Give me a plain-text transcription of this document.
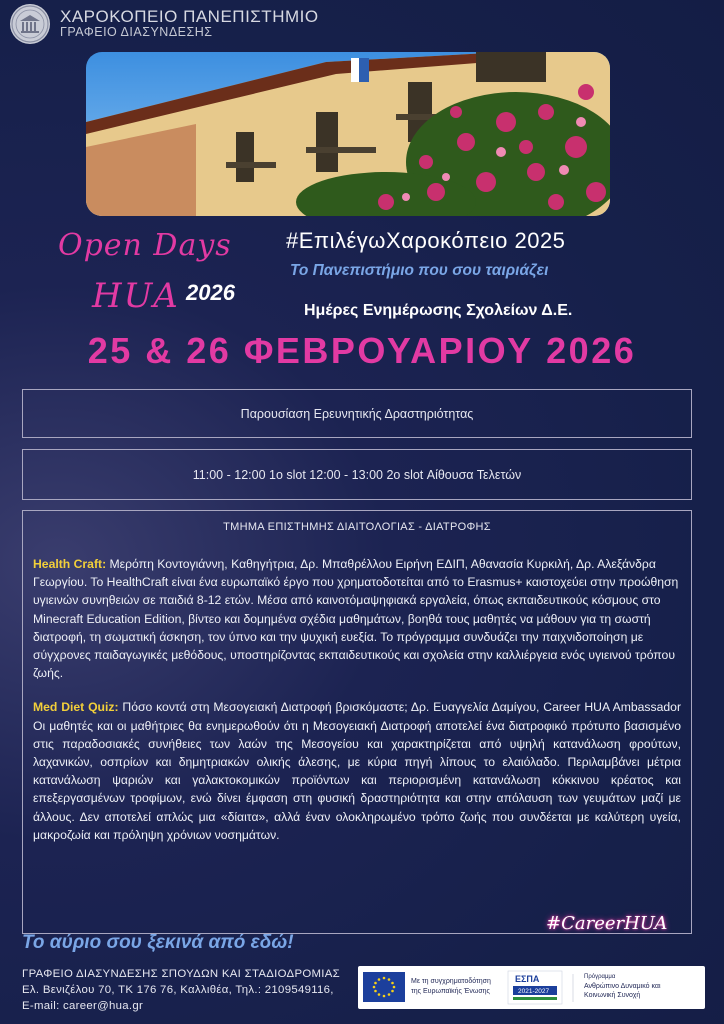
ΧΑΡΟΚΟΠΕΙΟ ΠΑΝΕΠΙΣΤΗΜΙΟ
ΓΡΑΦΕΙΟ ΔΙΑΣΥΝΔΕΣΗΣ
Open Days
HUA 2026
#ΕπιλέγωΧαροκόπειο 2025
Το Πανεπιστήμιο που σου ταιριάζει
Ημέρες Ενημέρωσης Σχολείων Δ.Ε.
25 & 26 ΦΕΒΡΟΥΑΡΙΟΥ 2026
Παρουσίαση Ερευνητικής Δραστηριότητας
11:00 - 12:00 1ο slot 12:00 - 13:00 2ο slot Αίθουσα Τελετών
ΤΜΗΜΑ ΕΠΙΣΤΗΜΗΣ ΔΙΑΙΤΟΛΟΓΙΑΣ - ΔΙΑΤΡΟΦΗΣ
Health Craft: Μερόπη Κοντογιάννη, Καθηγήτρια, Δρ. Μπαθρέλλου Ειρήνη ΕΔΙΠ, Αθανασία Κυρκιλή, Δρ. Αλεξάνδρα Γεωργίου. Το HealthCraft είναι ένα ευρωπαϊκό έργο που χρηματοδοτείται από το Erasmus+ καιστοχεύει στην προώθηση υγιεινών συνηθειών σε παιδιά 8-12 ετών. Μέσα από καινοτόμαψηφιακά εργαλεία, όπως εκπαιδευτικούς κόσμους στο Minecraft Education Edition, βίντεο και δομημένα σχέδια μαθημάτων, βοηθά τους μαθητές να μάθουν για τη σωστή διατροφή, τη σωματική άσκηση, τον ύπνο και την ψυχική ευεξία. Το πρόγραμμα συνδυάζει την παιχνιδοποίηση με σύγχρονες παιδαγωγικές μεθόδους, υποστηρίζοντας εκπαιδευτικούς και σχολεία στην καλλιέργεια ενός υγιεινού τρόπου ζωής.
Med Diet Quiz: Πόσο κοντά στη Μεσογειακή Διατροφή βρισκόμαστε; Δρ. Ευαγγελία Δαμίγου, Career HUA Ambassador Οι μαθητές και οι μαθήτριες θα ενημερωθούν ότι η Μεσογειακή Διατροφή αποτελεί ένα διατροφικό πρότυπο βασισμένο στις παραδοσιακές συνήθειες των λαών της Μεσογείου και χαρακτηρίζεται από υψηλή κατανάλωση φρούτων, λαχανικών, οσπρίων και δημητριακών ολικής άλεσης, με κύρια πηγή λίπους το ελαιόλαδο. Περιλαμβάνει μέτρια κατανάλωση ψαριών και γαλακτοκομικών προϊόντων και περιορισμένη κατανάλωση κόκκινου κρέατος και επεξεργασμένων τροφίμων, ενώ δίνει έμφαση στη φυσική δραστηριότητα και στην απόλαυση των γευμάτων μαζί με άλλους. Δεν αποτελεί απλώς μια «δίαιτα», αλλά έναν ολοκληρωμένο τρόπο ζωής που συνδέεται με καλύτερη υγεία, μακροζωία και πρόληψη χρόνιων νοσημάτων.
#CareerHUA
Το αύριο σου ξεκινά από εδώ!
ΓΡΑΦΕΙΟ ΔΙΑΣΥΝΔΕΣΗΣ ΣΠΟΥΔΩΝ ΚΑΙ ΣΤΑΔΙΟΔΡΟΜΙΑΣ
Ελ. Βενιζέλου 70, ΤΚ 176 76, Καλλιθέα, Τηλ.: 2109549116,
E-mail: career@hua.gr
Με τη συγχρηματοδότηση
της Ευρωπαϊκής Ένωσης
ΕΣΠΑ
2021-2027
Πρόγραμμα
Ανθρώπινο Δυναμικό και
Κοινωνική Συνοχή
